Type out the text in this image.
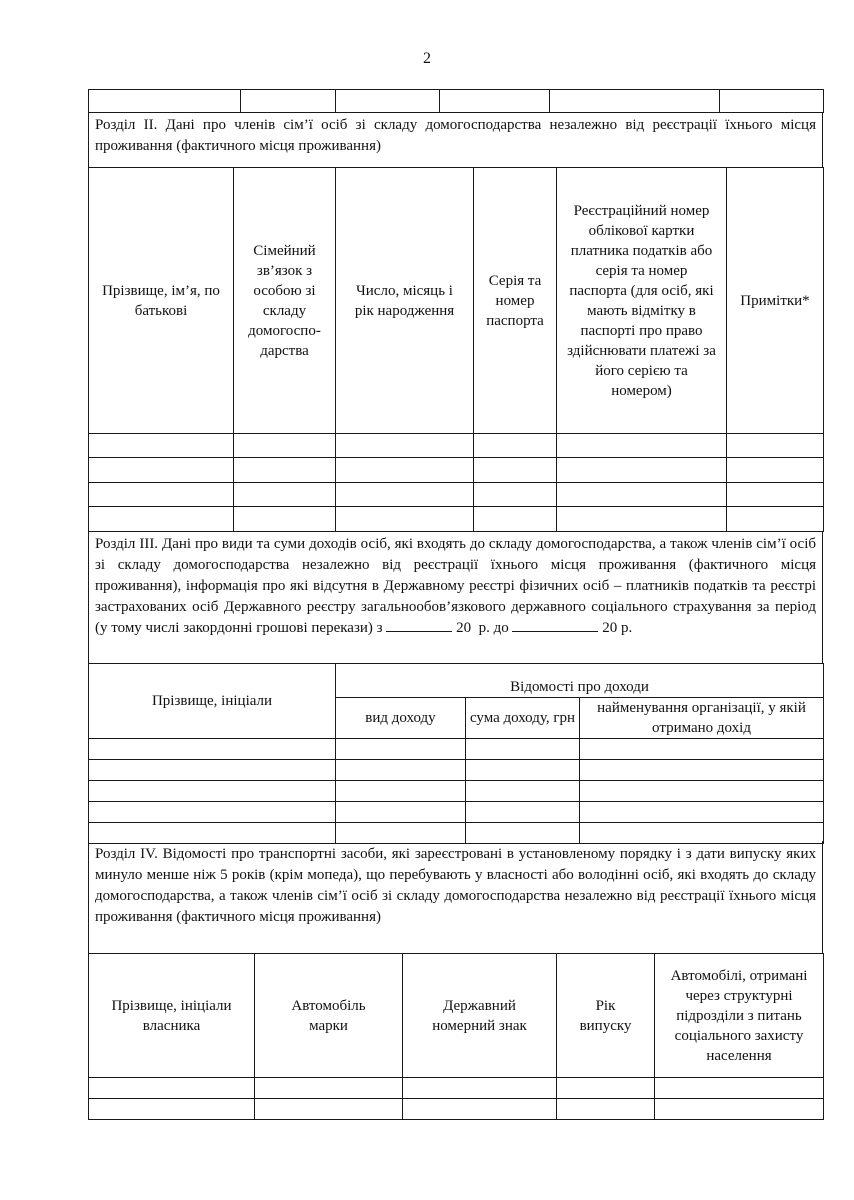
2

Розділ ІІ. Дані про членів сім’ї осіб зі складу домогосподарства незалежно від реєстрації їхнього місця проживання (фактичного місця проживання)
Прізвище, ім’я, по батькові	Сімейний зв’язок з особою зі складу домогоспо-дарства	Число, місяць і рік народження	Серія та номер паспорта	Реєстраційний номер облікової картки платника податків або серія та номер паспорта (для осіб, які мають відмітку в паспорті про право здійснювати платежі за його серією та номером)	Примітки*

Розділ ІІІ. Дані про види та суми доходів осіб, які входять до складу домогосподарства, а також членів сім’ї осіб зі складу домогосподарства незалежно від реєстрації їхнього місця проживання (фактичного місця проживання), інформація про які відсутня в Державному реєстрі фізичних осіб – платників податків та реєстрі застрахованих осіб Державного реєстру загальнообов’язкового державного соціального страхування за період (у тому числі закордонні грошові перекази) з	20 р. до	20 р.
Прізвище, ініціали	Відомості про доходи		
	вид доходу	сума доходу, грн	найменування організації, у якій отримано дохід

Розділ ІV. Відомості про транспортні засоби, які зареєстровані в установленому порядку і з дати випуску яких минуло менше ніж 5 років (крім мопеда), що перебувають у власності або володінні осіб, які входять до складу домогосподарства, а також членів сім’ї осіб зі складу домогосподарства незалежно від реєстрації їхнього місця проживання (фактичного місця проживання)
Прізвище, ініціали власника	Автомобіль марки	Державний номерний знак	Рік випуску	Автомобілі, отримані через структурні підрозділи з питань соціального захисту населення
